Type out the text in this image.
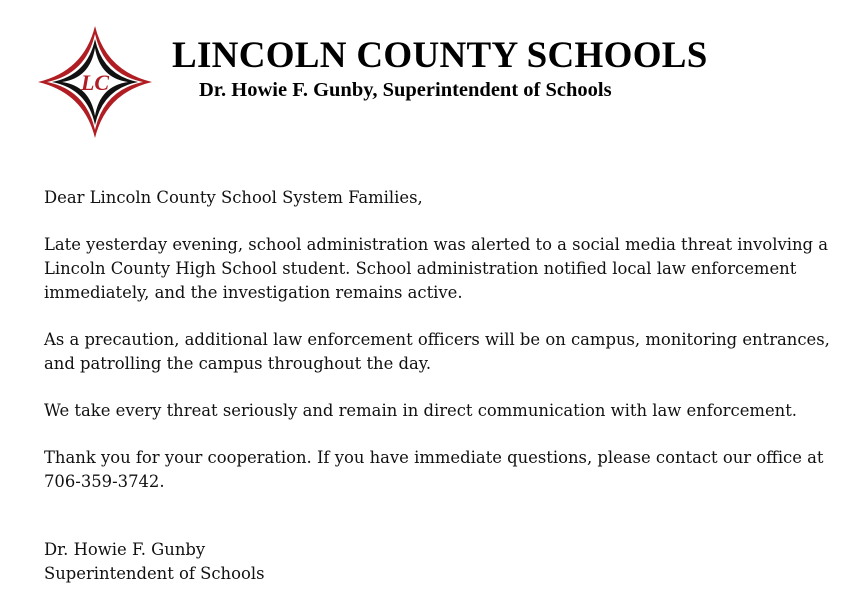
LC
LINCOLN COUNTY SCHOOLS
Dr. Howie F. Gunby, Superintendent of Schools

Dear Lincoln County School System Families,

Late yesterday evening, school administration was alerted to a social media threat involving a Lincoln County High School student. School administration notified local law enforcement immediately, and the investigation remains active.

As a precaution, additional law enforcement officers will be on campus, monitoring entrances, and patrolling the campus throughout the day.

We take every threat seriously and remain in direct communication with law enforcement.

Thank you for your cooperation. If you have immediate questions, please contact our office at 706-359-3742.

Dr. Howie F. Gunby
Superintendent of Schools
